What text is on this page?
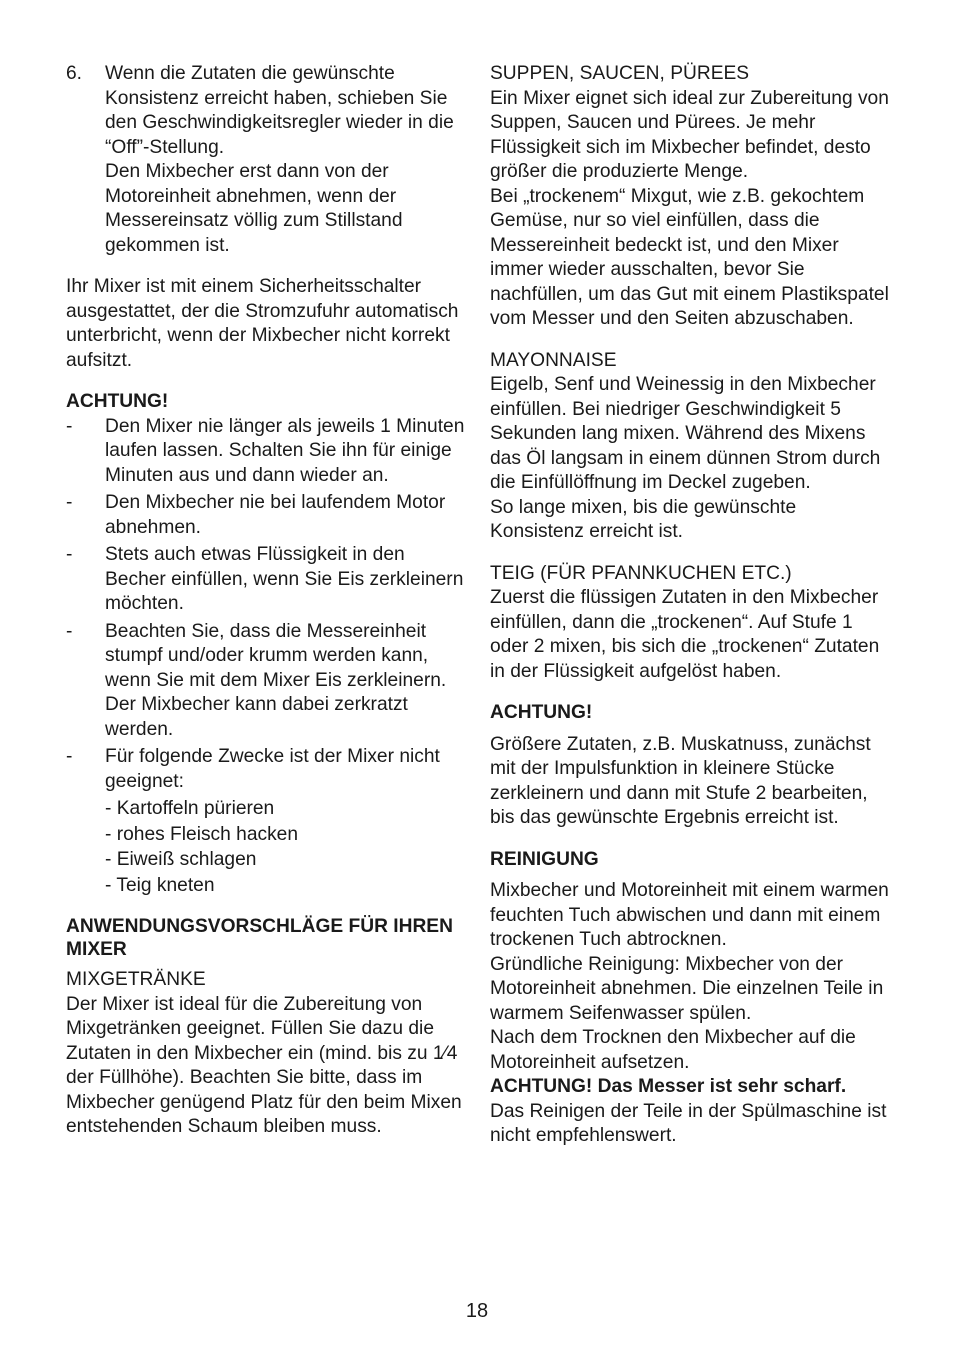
6.	Wenn die Zutaten die gewünschte Konsistenz erreicht haben, schieben Sie den Geschwindigkeitsregler wieder in die “Off”-Stellung.

Den Mixbecher erst dann von der Motoreinheit abnehmen, wenn der Messereinsatz völlig zum Stillstand gekommen ist.

Ihr Mixer ist mit einem Sicherheitsschalter ausgestattet, der die Stromzufuhr automatisch unterbricht, wenn der Mixbecher nicht korrekt aufsitzt.

ACHTUNG!

-	Den Mixer nie länger als jeweils 1 Minuten laufen lassen. Schalten Sie ihn für einige Minuten aus und dann wieder an.
-	Den Mixbecher nie bei laufendem Motor abnehmen.
-	Stets auch etwas Flüssigkeit in den Becher einfüllen, wenn Sie Eis zerkleinern möchten.
-	Beachten Sie, dass die Messereinheit stumpf und/oder krumm werden kann, wenn Sie mit dem Mixer Eis zerkleinern. Der Mixbecher kann dabei zerkratzt werden.
-	Für folgende Zwecke ist der Mixer nicht geeignet:
- Kartoffeln pürieren
- rohes Fleisch hacken
- Eiweiß schlagen
- Teig kneten

ANWENDUNGSVORSCHLÄGE FÜR IHREN MIXER

MIXGETRÄNKE

Der Mixer ist ideal für die Zubereitung von Mixgetränken geeignet. Füllen Sie dazu die Zutaten in den Mixbecher ein (mind. bis zu 1⁄4 der Füllhöhe). Beachten Sie bitte, dass im Mixbecher genügend Platz für den beim Mixen entstehenden Schaum bleiben muss.

SUPPEN, SAUCEN, PÜREES

Ein Mixer eignet sich ideal zur Zubereitung von Suppen, Saucen und Pürees. Je mehr Flüssigkeit sich im Mixbecher befindet, desto größer die produzierte Menge.

Bei „trockenem“ Mixgut, wie z.B. gekochtem Gemüse, nur so viel einfüllen, dass die Messereinheit bedeckt ist, und den Mixer immer wieder ausschalten, bevor Sie nachfüllen, um das Gut mit einem Plastikspatel vom Messer und den Seiten abzuschaben.

MAYONNAISE

Eigelb, Senf und Weinessig in den Mixbecher einfüllen. Bei niedriger Geschwindigkeit 5 Sekunden lang mixen. Während des Mixens das Öl langsam in einem dünnen Strom durch die Einfüllöffnung im Deckel zugeben.

So lange mixen, bis die gewünschte Konsistenz erreicht ist.

TEIG (FÜR PFANNKUCHEN ETC.)

Zuerst die flüssigen Zutaten in den Mixbecher einfüllen, dann die „trockenen“. Auf Stufe 1 oder 2 mixen, bis sich die „trockenen“ Zutaten in der Flüssigkeit aufgelöst haben.

ACHTUNG!

Größere Zutaten, z.B. Muskatnuss, zunächst mit der Impulsfunktion in kleinere Stücke zerkleinern und dann mit Stufe 2 bearbeiten, bis das gewünschte Ergebnis erreicht ist.

REINIGUNG

Mixbecher und Motoreinheit mit einem warmen feuchten Tuch abwischen und dann mit einem trockenen Tuch abtrocknen.

Gründliche Reinigung: Mixbecher von der Motoreinheit abnehmen. Die einzelnen Teile in warmem Seifenwasser spülen.

Nach dem Trocknen den Mixbecher auf die Motoreinheit aufsetzen.

ACHTUNG! Das Messer ist sehr scharf.

Das Reinigen der Teile in der Spülmaschine ist nicht empfehlenswert.

18
